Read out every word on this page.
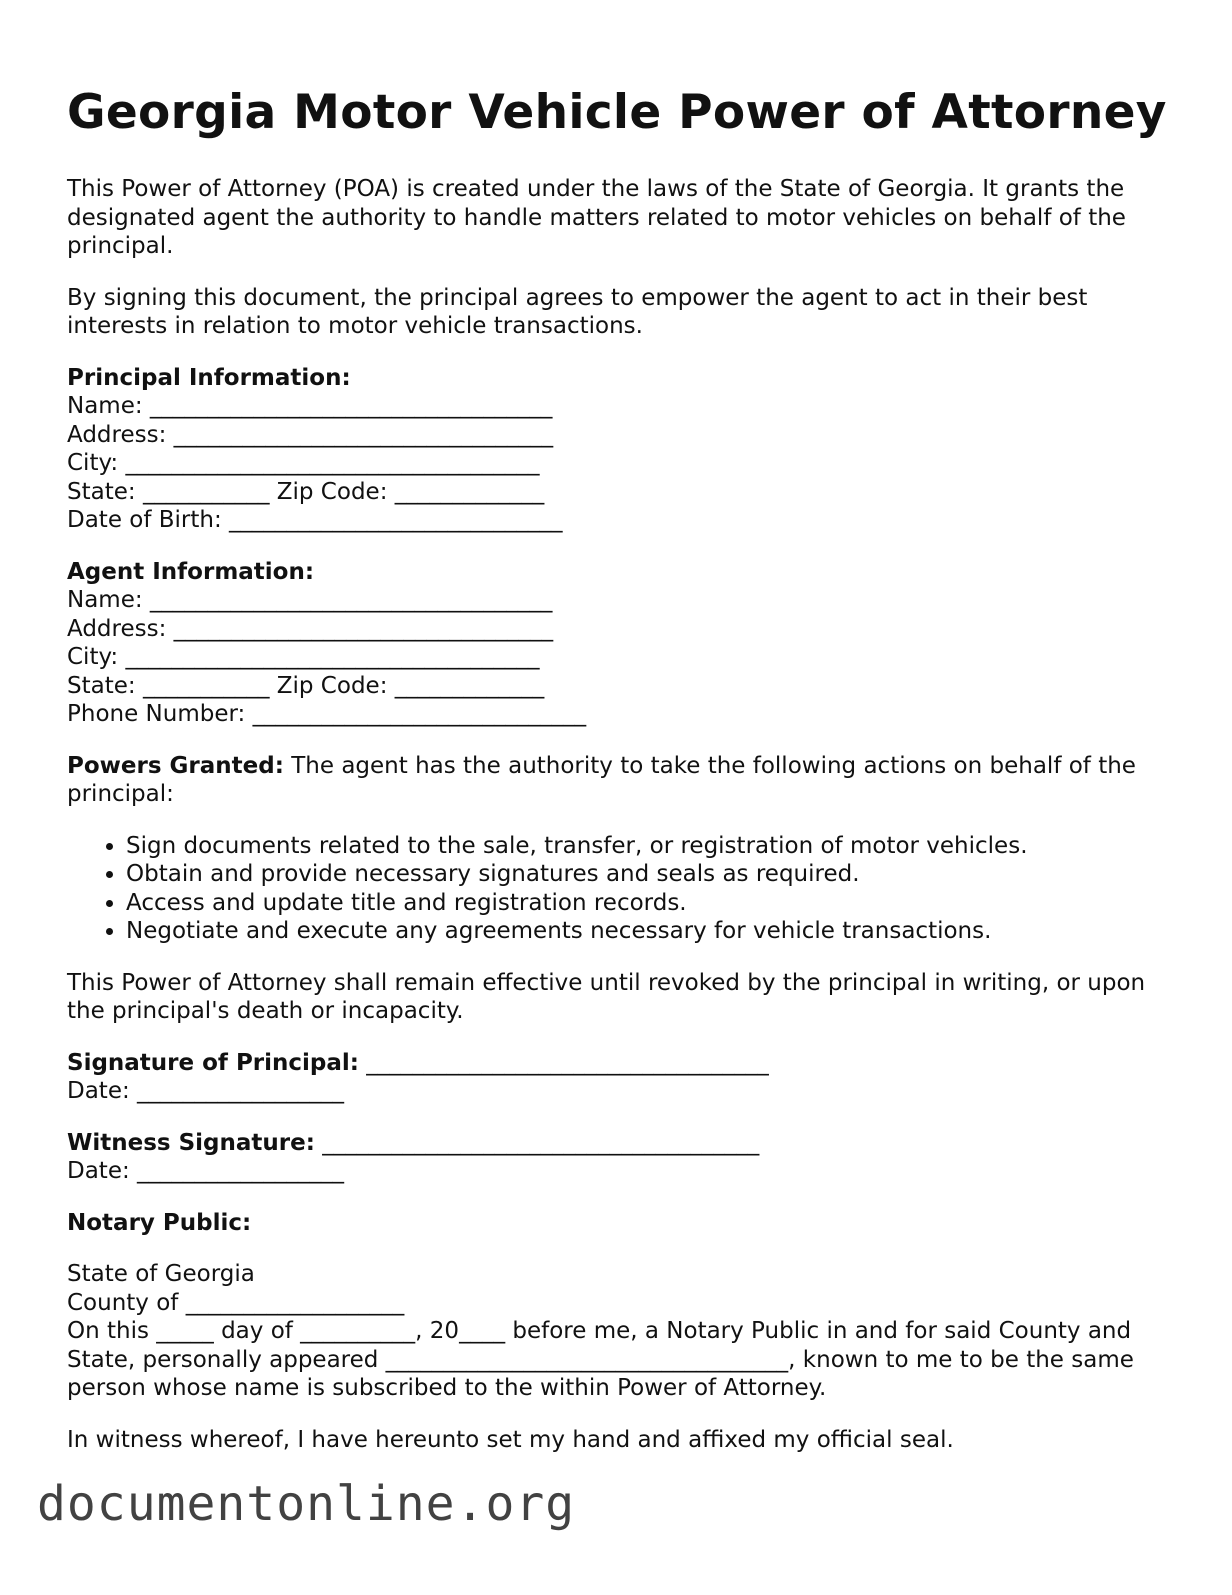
Georgia Motor Vehicle Power of Attorney

This Power of Attorney (POA) is created under the laws of the State of Georgia. It grants the designated agent the authority to handle matters related to motor vehicles on behalf of the principal.

By signing this document, the principal agrees to empower the agent to act in their best interests in relation to motor vehicle transactions.

Principal Information:
Name: ___________________________________
Address: _________________________________
City: ____________________________________
State: ___________ Zip Code: _____________
Date of Birth: _____________________________
Agent Information:
Name: ___________________________________
Address: _________________________________
City: ____________________________________
State: ___________ Zip Code: _____________
Phone Number: _____________________________

Powers Granted: The agent has the authority to take the following actions on behalf of the principal:

• Sign documents related to the sale, transfer, or registration of motor vehicles.
• Obtain and provide necessary signatures and seals as required.
• Access and update title and registration records.
• Negotiate and execute any agreements necessary for vehicle transactions.

This Power of Attorney shall remain effective until revoked by the principal in writing, or upon the principal's death or incapacity.

Signature of Principal: ___________________________________
Date: __________________
Witness Signature: ______________________________________
Date: __________________

Notary Public:

State of Georgia
County of ___________________

On this _____ day of __________, 20____ before me, a Notary Public in and for said County and State, personally appeared ___________________________________, known to me to be the same person whose name is subscribed to the within Power of Attorney.

In witness whereof, I have hereunto set my hand and affixed my official seal.

documentonline.org
